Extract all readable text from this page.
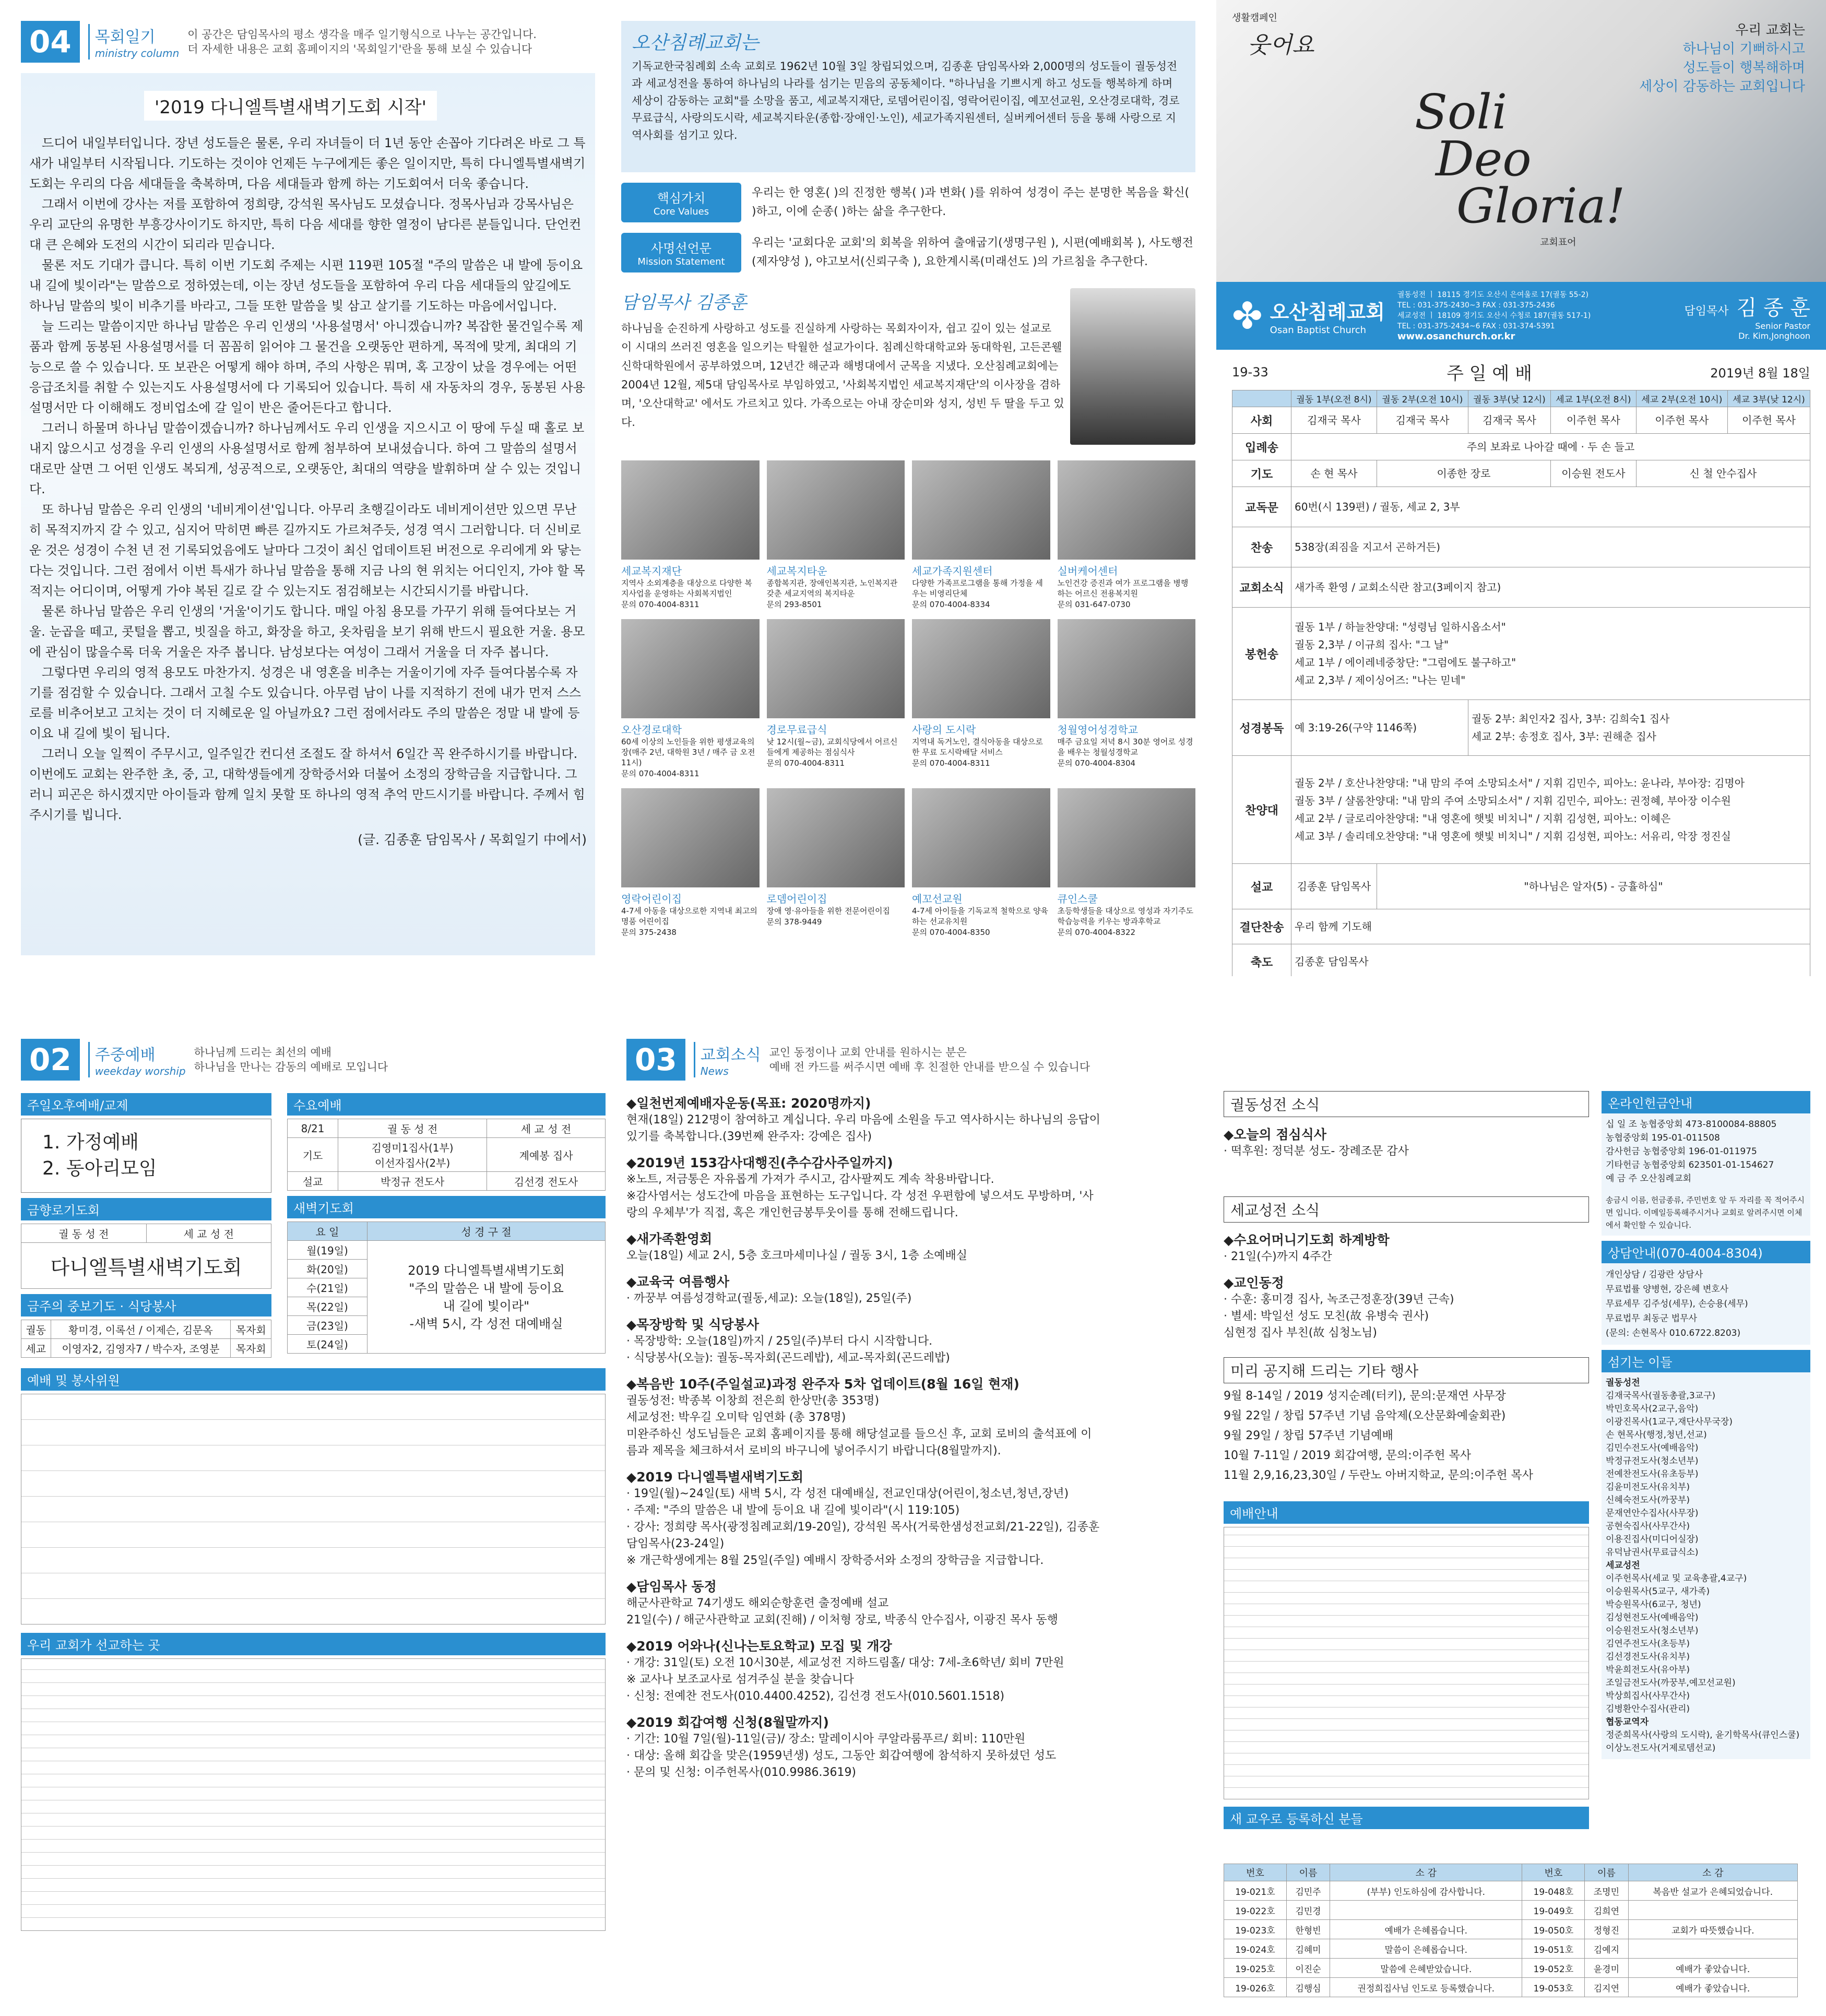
04	목회일기
ministry column
이 공간은 담임목사의 평소 생각을 매주 일기형식으로 나누는 공간입니다.
더 자세한 내용은 교회 홈페이지의 '목회일기'란을 통해 보실 수 있습니다
'2019 다니엘특별새벽기도회 시작'

드디어 내일부터입니다. 장년 성도들은 물론, 우리 자녀들이 더 1년 동안 손꼽아 기다려온 바로 그 특새가 내일부터 시작됩니다. 기도하는 것이야 언제든 누구에게든 좋은 일이지만, 특히 다니엘특별새벽기도회는 우리의 다음 세대들을 축복하며, 다음 세대들과 함께 하는 기도회여서 더욱 좋습니다.

그래서 이번에 강사는 저를 포함하여 정희량, 강석원 목사님도 모셨습니다. 정목사님과 강목사님은 우리 교단의 유명한 부흥강사이기도 하지만, 특히 다음 세대를 향한 열정이 남다른 분들입니다. 단언컨대 큰 은혜와 도전의 시간이 되리라 믿습니다.

물론 저도 기대가 큽니다. 특히 이번 기도회 주제는 시편 119편 105절 "주의 말씀은 내 발에 등이요 내 길에 빛이라"는 말씀으로 정하였는데, 이는 장년 성도들을 포함하여 우리 다음 세대들의 앞길에도 하나님 말씀의 빛이 비추기를 바라고, 그들 또한 말씀을 빛 삼고 살기를 기도하는 마음에서입니다.

늘 드리는 말씀이지만 하나님 말씀은 우리 인생의 '사용설명서' 아니겠습니까? 복잡한 물건일수록 제품과 함께 동봉된 사용설명서를 더 꼼꼼히 읽어야 그 물건을 오랫동안 편하게, 목적에 맞게, 최대의 기능으로 쓸 수 있습니다. 또 보관은 어떻게 해야 하며, 주의 사항은 뭐며, 혹 고장이 났을 경우에는 어떤 응급조치를 취할 수 있는지도 사용설명서에 다 기록되어 있습니다. 특히 새 자동차의 경우, 동봉된 사용설명서만 다 이해해도 정비업소에 갈 일이 반은 줄어든다고 합니다.

그러니 하물며 하나님 말씀이겠습니까? 하나님께서도 우리 인생을 지으시고 이 땅에 두실 때 홀로 보내지 않으시고 성경을 우리 인생의 사용설명서로 함께 첨부하여 보내셨습니다. 하여 그 말씀의 설명서대로만 살면 그 어떤 인생도 복되게, 성공적으로, 오랫동안, 최대의 역량을 발휘하며 살 수 있는 것입니다.

또 하나님 말씀은 우리 인생의 '네비게이션'입니다. 아무리 초행길이라도 네비게이션만 있으면 무난히 목적지까지 갈 수 있고, 심지어 막히면 빠른 길까지도 가르쳐주듯, 성경 역시 그러합니다. 더 신비로운 것은 성경이 수천 년 전 기록되었음에도 날마다 그것이 최신 업데이트된 버전으로 우리에게 와 닿는다는 것입니다. 그런 점에서 이번 특새가 하나님 말씀을 통해 지금 나의 현 위치는 어디인지, 가야 할 목적지는 어디이며, 어떻게 가야 복된 길로 갈 수 있는지도 점검해보는 시간되시기를 바랍니다.

물론 하나님 말씀은 우리 인생의 '거울'이기도 합니다. 매일 아침 용모를 가꾸기 위해 들여다보는 거울. 눈곱을 떼고, 콧털을 뽑고, 빗질을 하고, 화장을 하고, 옷차림을 보기 위해 반드시 필요한 거울. 용모에 관심이 많을수록 더욱 거울은 자주 봅니다. 남성보다는 여성이 그래서 거울을 더 자주 봅니다.

그렇다면 우리의 영적 용모도 마찬가지. 성경은 내 영혼을 비추는 거울이기에 자주 들여다봄수록 자기를 점검할 수 있습니다. 그래서 고칠 수도 있습니다. 아무렴 남이 나를 지적하기 전에 내가 먼저 스스로를 비추어보고 고치는 것이 더 지혜로운 일 아닐까요? 그런 점에서라도 주의 말씀은 정말 내 발에 등이요 내 길에 빛이 됩니다.

그러니 오늘 일찍이 주무시고, 일주일간 컨디션 조절도 잘 하셔서 6일간 꼭 완주하시기를 바랍니다. 이번에도 교회는 완주한 초, 중, 고, 대학생들에게 장학증서와 더불어 소정의 장학금을 지급합니다. 그러니 피곤은 하시겠지만 아이들과 함께 일치 못할 또 하나의 영적 추억 만드시기를 바랍니다. 주께서 힘주시기를 빕니다.

(글. 김종훈 담임목사 / 목회일기 中에서)
오산침례교회는
기독교한국침례회 소속 교회로 1962년 10월 3일 창립되었으며, 김종훈 담임목사와 2,000명의 성도들이 궐동성전과 세교성전을 통하여 하나님의 나라를 섬기는 믿음의 공동체이다. "하나님을 기쁘시게 하고 성도들 행복하게 하며 세상이 감동하는 교회"를 소망을 품고, 세교복지재단, 로뎀어린이집, 영락어린이집, 예꼬선교원, 오산경로대학, 경로무료급식, 사랑의도시락, 세교복지타운(종합·장애인·노인), 세교가족지원센터, 실버케어센터 등을 통해 사랑으로 지역사회를 섬기고 있다.
핵심가치
Core Values
우리는 한 영혼( )의 진정한 행복( )과 변화( )를 위하여 성경이 주는 분명한 복음을 확신( )하고, 이에 순종( )하는 삶을 추구한다.
사명선언문
Mission Statement
우리는 '교회다운 교회'의 회복을 위하여 출애굽기(생명구원 ), 시편(예배회복 ), 사도행전(제자양성 ), 야고보서(신뢰구축 ), 요한계시록(미래선도 )의 가르침을 추구한다.
담임목사 김종훈
하나님을 순진하게 사랑하고 성도를 진실하게 사랑하는 목회자이자, 쉽고 깊이 있는 설교로 이 시대의 쓰러진 영혼을 일으키는 탁월한 설교가이다. 침례신학대학교와 동대학원, 고든콘웰신학대학원에서 공부하였으며, 12년간 해군과 해병대에서 군목을 지냈다. 오산침례교회에는 2004년 12월, 제5대 담임목사로 부임하였고, '사회복지법인 세교복지재단'의 이사장을 겸하며, '오산대학교' 에서도 가르치고 있다. 가족으로는 아내 장순미와 성지, 성빈 두 딸을 두고 있다.
세교복지재단
지역사 소외계층을 대상으로 다양한 복지사업을 운영하는 사회복지법인
문의 070-4004-8311
세교복지타운
종합복지관, 장애인복지관, 노인복지관 갖춘 세교지역의 복지타운
문의 293-8501
세교가족지원센터
다양한 가족프로그램을 통해 가정을 세우는 비영리단체
문의 070-4004-8334
실버케어센터
노인건강 증진과 여가 프로그램을 병행하는 어르신 전용복지원
문의 031-647-0730
오산경로대학
60세 이상의 노인들을 위한 평생교육의 장(매주 2년, 대학원 3년 / 매주 금 오전 11시)
문의 070-4004-8311
경로무료급식
낮 12시(월~금), 교회식당에서 어르신들에게 제공하는 점심식사
문의 070-4004-8311
사랑의 도시락
지역내 독거노인, 결식아동을 대상으로 한 무료 도시락배달 서비스
문의 070-4004-8311
청월영어성경학교
매주 금요일 저녁 8시 30분 영어로 성경을 배우는 청월성경학교
문의 070-4004-8304
영락어린이집
4-7세 아동을 대상으로한 지역내 최고의 명품 어린이집
문의 375-2438
로뎀어린이집
장애 영·유아들을 위한 전문어린이집
문의 378-9449
예꼬선교원
4-7세 아이들을 기독교적 철학으로 양육하는 선교유치원
문의 070-4004-8350
큐인스쿨
초등학생들을 대상으로 영성과 자기주도 학습능력을 키우는 방과후학교
문의 070-4004-8322
생활캠페인
웃어요
우리 교회는
하나님이 기뻐하시고
성도들이 행복해하며
세상이 감동하는 교회입니다
Soli
Deo
Gloria!
교회표어
✤ 오산침례교회
Osan Baptist Church
궐동성전 ㅣ 18115 경기도 오산시 은여울로 17(궐동 55-2)
TEL : 031-375-2430~3 FAX : 031-375-2436
세교성전 ㅣ 18109 경기도 오산시 수청로 187(궐동 517-1)
TEL : 031-375-2434~6 FAX : 031-374-5391
www.osanchurch.or.kr
담임목사 김 종 훈
Senior Pastor
Dr. Kim,Jonghoon
19-33	주 일 예 배	2019년 8월 18일
	궐동 1부(오전 8시)	궐동 2부(오전 10시)	궐동 3부(낮 12시)	세교 1부(오전 8시)	세교 2부(오전 10시)	세교 3부(낮 12시)
사회	김재국 목사	김재국 목사	김재국 목사	이주헌 목사	이주헌 목사	이주헌 목사

입례송	주의 보좌로 나아갈 때에 · 두 손 들고					

기도	손 현 목사	이종한 장로		이승원 전도사	신 철 안수집사	

교독문	60번(시 139편) / 궐동, 세교 2, 3부					

찬송	538장(죄짐을 지고서 곤하거든)					

교회소식	새가족 환영 / 교회소식란 참고(3페이지 참고)					

봉헌송	궐동 1부 / 하늘찬양대: "성령님 일하시옵소서"
궐동 2,3부 / 이규희 집사: "그 날"
세교 1부 / 에이레네중창단: "그럼에도 불구하고"
세교 2,3부 / 제이싱어즈: "나는 믿네"					

성경봉독	예 3:19-26(구약 1146쪽)		궐동 2부: 최인자2 집사, 3부: 김희숙1 집사
세교 2부: 송정호 집사, 3부: 권해춘 집사			

찬양대	궐동 2부 / 호산나찬양대: "내 맘의 주여 소망되소서" / 지휘 김민수, 피아노: 윤나라, 부아장: 김명아
궐동 3부 / 샬롬찬양대: "내 맘의 주여 소망되소서" / 지휘 김민수, 피아노: 권정혜, 부아장 이수원
세교 2부 / 글로리아찬양대: "내 영혼에 햇빛 비치니" / 지휘 김성현, 피아노: 이혜은
세교 3부 / 솔리데오찬양대: "내 영혼에 햇빛 비치니" / 지휘 김성현, 피아노: 서유리, 악장 정진실					

설교	김종훈 담임목사	"하나님은 알자(5) - 긍휼하심"				

결단찬송	우리 함께 기도해					

축도	김종훈 담임목사					
02	주중예배
weekday worship
하나님께 드리는 최선의 예배
하나님을 만나는 감동의 예배로 모입니다
주일오후예배/교제
1. 가정예배
2. 동아리모임
금향로기도회
궐 동 성 전	세 교 성 전
다니엘특별새벽기도회
금주의 중보기도 · 식당봉사
궐동	황미경, 이록선 / 이제슨, 김문옥	목자회
세교	이영자2, 김영자7 / 박수자, 조영분	목자회
수요예배
8/21	궐 동 성 전	세 교 성 전
기도	김영미1집사(1부)
이선자집사(2부)	계예봉 집사
설교	박정규 전도사	김선경 전도사
새벽기도회
요 일	성 경 구 절
월(19일)	2019 다니엘특별새벽기도회
"주의 말씀은 내 발에 등이요
내 길에 빛이라"
-새벽 5시, 각 성전 대예배실

화(20일)	
수(21일)	
목(22일)	
금(23일)	
토(24일)	
예배 및 봉사위원
우리 교회가 선교하는 곳
03	교회소식
News
교인 동정이나 교회 안내를 원하시는 분은
예배 전 카드를 써주시면 예배 후 친절한 안내를 받으실 수 있습니다
◆일천번제예배자운동(목표: 2020명까지)
현재(18일) 212명이 참여하고 계십니다. 우리 마음에 소원을 두고 역사하시는 하나님의 응답이
있기를 축복합니다.(39번째 완주자: 강예은 집사)
◆2019년 153감사대행진(추수감사주일까지)
※노트, 저금통은 자유롭게 가져가 주시고, 감사팔찌도 계속 착용바랍니다.
※감사염서는 성도간에 마음을 표현하는 도구입니다. 각 성전 우편함에 넣으셔도 무방하며, '사
랑의 우체부'가 직접, 혹은 개인헌금봉투웃이를 통해 전해드립니다.
◆새가족환영회
오늘(18일) 세교 2시, 5층 호크마세미나실 / 궐동 3시, 1층 소예배실
◆교육국 여름행사
· 까꿍부 여름성경학교(궐동,세교): 오늘(18일), 25일(주)
◆목장방학 및 식당봉사
· 목장방학: 오늘(18일)까지 / 25일(주)부터 다시 시작합니다.
· 식당봉사(오늘): 궐동-목자회(곤드레밥), 세교-목자회(곤드레밥)
◆복음반 10주(주일설교)과정 완주자 5차 업데이트(8월 16일 현재)
궐동성전: 박종복 이창희 전은희 한상만(총 353명)
세교성전: 박우길 오미탁 임연화 (총 378명)
미완주하신 성도님들은 교회 홈페이지를 통해 해당설교를 들으신 후, 교회 로비의 출석표에 이
름과 제목을 체크하셔서 로비의 바구니에 넣어주시기 바랍니다(8월말까지).
◆2019 다니엘특별새벽기도회
· 19일(월)~24일(토) 새벽 5시, 각 성전 대예배실, 전교인대상(어린이,청소년,청년,장년)
· 주제: "주의 말씀은 내 발에 등이요 내 길에 빛이라"(시 119:105)
· 강사: 정희량 목사(광정침례교회/19-20일), 강석원 목사(거룩한샘성전교회/21-22일), 김종훈
담임목사(23-24일)
※ 개근학생에게는 8월 25일(주일) 예배시 장학증서와 소정의 장학금을 지급합니다.
◆담임목사 동정
해군사관학교 74기생도 해외순항훈련 출정예배 설교
21일(수) / 해군사관학교 교회(진해) / 이처형 장로, 박종식 안수집사, 이광진 목사 동행
◆2019 어와나(신나는토요학교) 모집 및 개강
· 개강: 31일(토) 오전 10시30분, 세교성전 지하드림홀/ 대상: 7세-초6학년/ 회비 7만원
※ 교사나 보조교사로 섬겨주실 분을 찾습니다
· 신청: 전예찬 전도사(010.4400.4252), 김선경 전도사(010.5601.1518)
◆2019 회갑여행 신청(8월말까지)
· 기간: 10월 7일(월)-11일(금)/ 장소: 말레이시아 쿠알라룸푸르/ 회비: 110만원
· 대상: 올해 회갑을 맞은(1959년생) 성도, 그동안 회갑여행에 참석하지 못하셨던 성도
· 문의 및 신청: 이주헌목사(010.9986.3619)
궐동성전 소식
◆오늘의 점심식사
· 떡후원: 정덕분 성도- 장례조문 감사
세교성전 소식
◆수요어머니기도회 하계방학
· 21일(수)까지 4주간
◆교인동정
· 수훈: 홍미경 집사, 녹조근정훈장(39년 근속)
· 별세: 박일선 성도 모친(故 유병숙 권사)
심현정 집사 부친(故 심청노님)
미리 공지해 드리는 기타 행사
9월 8-14일 / 2019 성지순례(터키), 문의:문재연 사무장
9월 22일 / 창립 57주년 기념 음악제(오산문화예술회관)
9월 29일 / 창립 57주년 기념예배
10월 7-11일 / 2019 회갑여행, 문의:이주헌 목사
11월 2,9,16,23,30일 / 두란노 아버지학교, 문의:이주헌 목사
예배안내
새 교우로 등록하신 분들
온라인헌금안내
십 일 조 농협중앙회 473-8100084-88805
농협중앙회 195-01-011508
감사헌금 농협중앙회 196-01-011975
기타헌금 농협중앙회 623501-01-154627
예 금 주 오산침례교회
송금시 이름, 헌금종류, 주민번호 앞 두 자리를 꼭 적어주시면 입니다. 이메일등록해주시거나 교회로 알려주시면 이체에서 확인할 수 있습니다.
상담안내(070-4004-8304)
개인상담 / 김광란 상담사
무료법률 양병현, 강은혜 변호사
무료세무 김주성(세무), 손승용(세무)
무료법무 최동군 법무사
(문의: 손현목사 010.6722.8203)
섬기는 이들
궐동성전
김재국목사(궐동총괄,3교구)
박민호목사(2교구,음악)
이광진목사(1교구,재단사무국장)
손 현목사(행정,청년,선교)
김민수전도사(예배음악)
박정규전도사(청소년부)
전예찬전도사(유초등부)
김윤미전도사(유치부)
신혜숙전도사(까꿍부)
문재연안수집사(사무장)
공현숙집사(사무간사)
이용진집사(미디어실장)
유덕남권사(무료급식소)
세교성전
이주헌목사(세교 및 교육총괄,4교구)
이승원목사(5교구, 새가족)
박승원목사(6교구, 청년)
김성현전도사(예배음악)
이승원전도사(청소년부)
김연주전도사(초등부)
김선경전도사(유치부)
박윤희전도사(유아부)
조일금전도사(까꿍부,예꼬선교원)
박상희집사(사무간사)
김병환안수집사(관리)
협동교역자
정준희목사(사랑의 도시락), 윤기학목사(큐인스쿨)
이상노전도사(거제로뎀선교)
번호	이름	소 감	번호	이름	소 감
19-021호	김민주	(부부) 인도하심에 감사합니다.	19-048호	조명민	복음반 설교가 은혜되었습니다.
19-022호	김민경		19-049호	김희연	
19-023호	한형빈	예배가 은혜롭습니다.	19-050호	정형진	교회가 따뜻했습니다.
19-024호	김혜미	말씀이 은혜롭습니다.	19-051호	김예지	
19-025호	이진순	말씀에 은혜받았습니다.	19-052호	윤경미	예배가 좋았습니다.
19-026호	김행심	권정희집사님 인도로 등록했습니다.	19-053호	김지연	예배가 좋았습니다.
